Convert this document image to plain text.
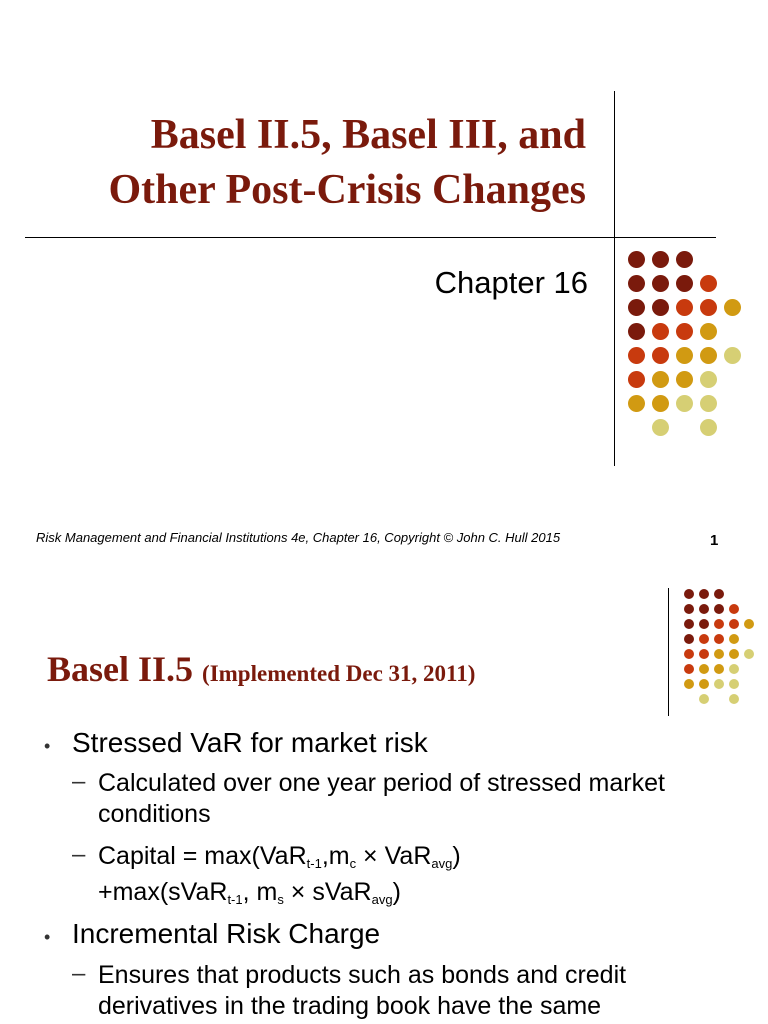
Basel II.5, Basel III, and
Other Post-Crisis Changes
Chapter 16
Risk Management and Financial Institutions 4e, Chapter 16, Copyright © John C. Hull 2015	1
Basel II.5 (Implemented Dec 31, 2011)
• Stressed VaR for market risk
– Calculated over one year period of stressed market
conditions
– Capital = $\max(VaR_{t-1},m_c \times VaR_{avg})$
+max(sVaR$_{t-1}$, $m_s$ × sVaR$_{avg}$)
• Incremental Risk Charge
– Ensures that products such as bonds and credit
derivatives in the trading book have the same
